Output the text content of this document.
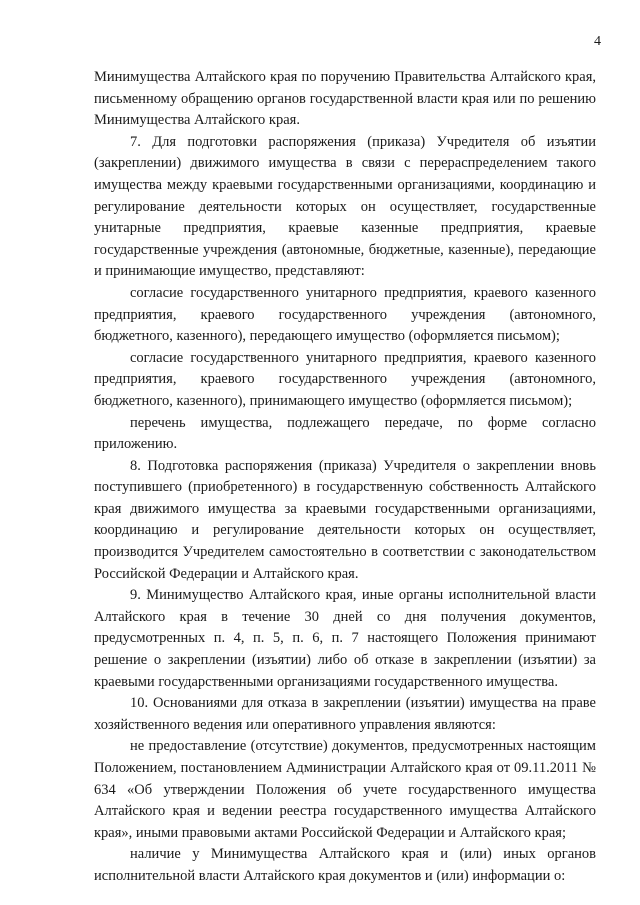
4

Минимущества Алтайского края по поручению Правительства Алтайского края, письменному обращению органов государственной власти края или по решению Минимущества Алтайского края.

7. Для подготовки распоряжения (приказа) Учредителя об изъятии (закреплении) движимого имущества в связи с перераспределением такого имущества между краевыми государственными организациями, координацию и регулирование деятельности которых он осуществляет, государственные унитарные предприятия, краевые казенные предприятия, краевые государственные учреждения (автономные, бюджетные, казенные), передающие и принимающие имущество, представляют:

согласие государственного унитарного предприятия, краевого казенного предприятия, краевого государственного учреждения (автономного, бюджетного, казенного), передающего имущество (оформляется письмом);

согласие государственного унитарного предприятия, краевого казенного предприятия, краевого государственного учреждения (автономного, бюджетного, казенного), принимающего имущество (оформляется письмом);

перечень имущества, подлежащего передаче, по форме согласно приложению.

8. Подготовка распоряжения (приказа) Учредителя о закреплении вновь поступившего (приобретенного) в государственную собственность Алтайского края движимого имущества за краевыми государственными организациями, координацию и регулирование деятельности которых он осуществляет, производится Учредителем самостоятельно в соответствии с законодательством Российской Федерации и Алтайского края.

9. Минимущество Алтайского края, иные органы исполнительной власти Алтайского края в течение 30 дней со дня получения документов, предусмотренных п. 4, п. 5, п. 6, п. 7 настоящего Положения принимают решение о закреплении (изъятии) либо об отказе в закреплении (изъятии) за краевыми государственными организациями государственного имущества.

10. Основаниями для отказа в закреплении (изъятии) имущества на праве хозяйственного ведения или оперативного управления являются:

не предоставление (отсутствие) документов, предусмотренных настоящим Положением, постановлением Администрации Алтайского края от 09.11.2011 № 634 «Об утверждении Положения об учете государственного имущества Алтайского края и ведении реестра государственного имущества Алтайского края», иными правовыми актами Российской Федерации и Алтайского края;

наличие у Минимущества Алтайского края и (или) иных органов исполнительной власти Алтайского края документов и (или) информации о:
